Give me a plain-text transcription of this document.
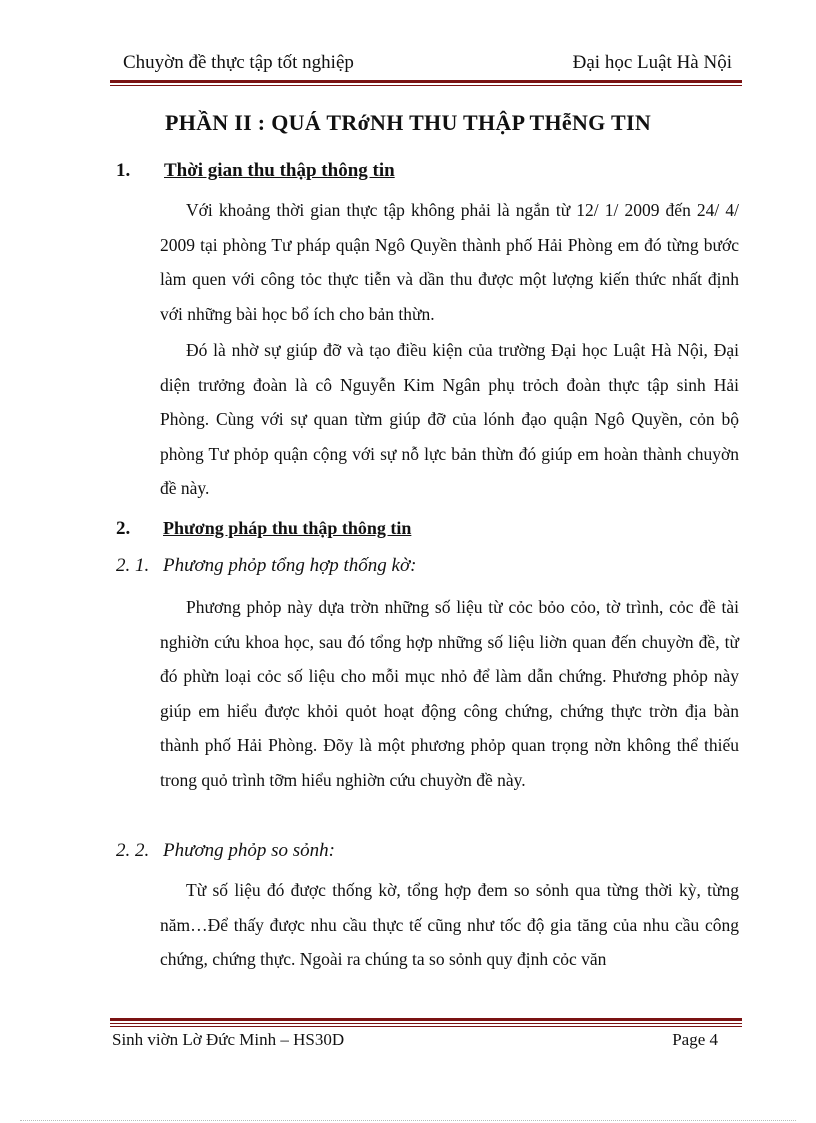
Chuyờn đề thực tập tốt nghiệp	Đại học Luật Hà Nội
PHẦN II : QUÁ TRớNH THU THẬP THễNG TIN
1. Thời gian thu thập thông tin

Với khoảng thời gian thực tập không phải là ngắn từ 12/ 1/ 2009 đến 24/ 4/ 2009 tại phòng Tư pháp quận Ngô Quyền thành phố Hải Phòng em đó từng bước làm quen với công tỏc thực tiễn và dần thu được một lượng kiến thức nhất định với những bài học bổ ích cho bản thừn.

Đó là nhờ sự giúp đỡ và tạo điều kiện của trường Đại học Luật Hà Nội, Đại diện trưởng đoàn là cô Nguyễn Kim Ngân phụ trỏch đoàn thực tập sinh Hải Phòng. Cùng với sự quan từm giúp đỡ của lónh đạo quận Ngô Quyền, cỏn bộ phòng Tư phỏp quận cộng với sự nỗ lực bản thừn đó giúp em hoàn thành chuyờn đề này.

2. Phương pháp thu thập thông tin
2. 1. Phương phỏp tổng hợp thống kờ:

Phương phỏp này dựa trờn những số liệu từ cỏc bỏo cỏo, tờ trình, cỏc đề tài nghiờn cứu khoa học, sau đó tổng hợp những số liệu liờn quan đến chuyờn đề, từ đó phừn loại cỏc số liệu cho mỗi mục nhỏ để làm dẫn chứng. Phương phỏp này giúp em hiểu được khỏi quỏt hoạt động công chứng, chứng thực trờn địa bàn thành phố Hải Phòng. Đõy là một phương phỏp quan trọng nờn không thể thiếu trong quỏ trình tỡm hiểu nghiờn cứu chuyờn đề này.

2. 2. Phương phỏp so sỏnh:

Từ số liệu đó được thống kờ, tổng hợp đem so sỏnh qua từng thời kỳ, từng năm…Để thấy được nhu cầu thực tế cũng như tốc độ gia tăng của nhu cầu công chứng, chứng thực. Ngoài ra chúng ta so sỏnh quy định cỏc văn

Sinh viờn Lờ Đức Minh – HS30D	Page 4
